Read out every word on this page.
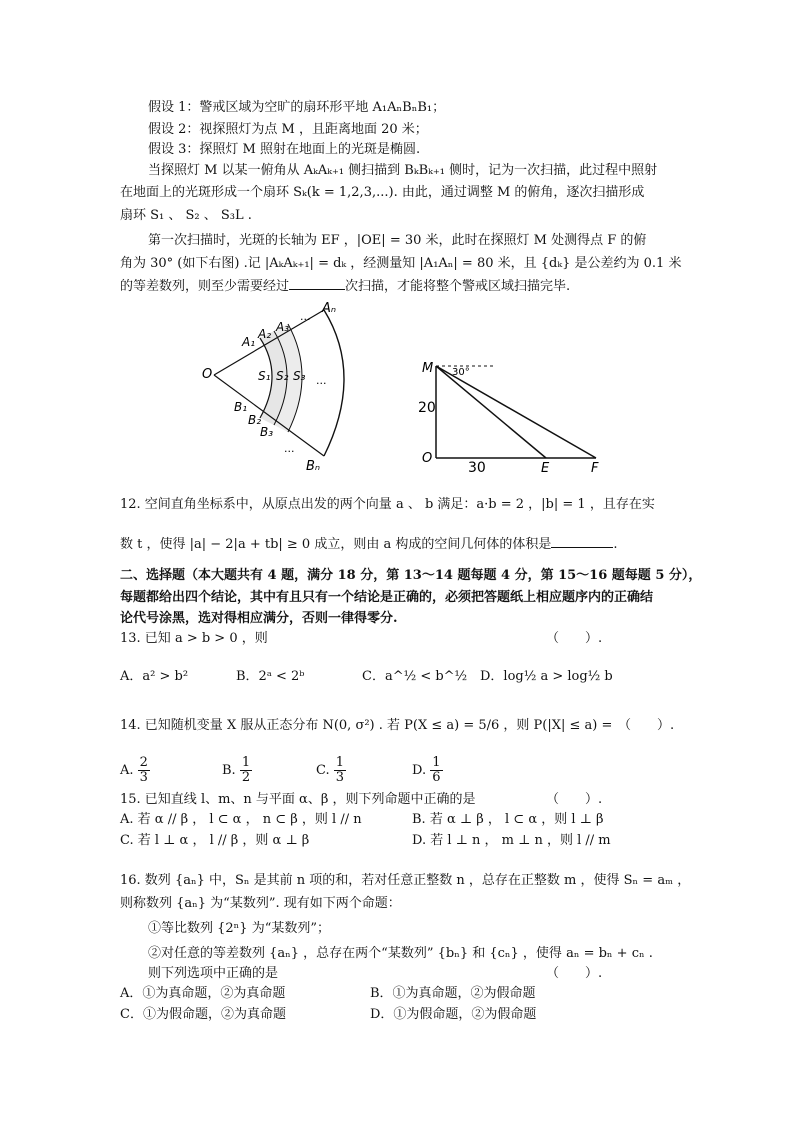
假设 1：警戒区域为空旷的扇环形平地 A₁AₙBₙB₁；
假设 2：视探照灯为点 M ，且距离地面 20 米；
假设 3：探照灯 M 照射在地面上的光斑是椭圆.
当探照灯 M 以某一俯角从 AₖAₖ₊₁ 侧扫描到 BₖBₖ₊₁ 侧时，记为一次扫描，此过程中照射
在地面上的光斑形成一个扇环 Sₖ(k = 1,2,3,...). 由此，通过调整 M 的俯角，逐次扫描形成
扇环 S₁ 、 S₂ 、 S₃L .
第一次扫描时，光斑的长轴为 EF ，|OE| = 30 米，此时在探照灯 M 处测得点 F 的俯
角为 30° (如下右图) .记 |AₖAₖ₊₁| = dₖ ，经测量知 |A₁Aₙ| = 80 米，且 {dₖ} 是公差约为 0.1 米
的等差数列，则至少需要经过	次扫描，才能将整个警戒区域扫描完毕.
O
A₁
A₂ A₃
...
Aₙ
S₁ S₂ S₃ ...
B₁
B₂
B₃
...
Bₙ
M 30°
20
O
30	E	F
12. 空间直角坐标系中，从原点出发的两个向量 a 、 b 满足：a·b = 2 ，|b| = 1 ，且存在实
数 t ，使得 |a| − 2|a + tb| ≥ 0 成立，则由 a 构成的空间几何体的体积是	.
二、选择题（本大题共有 4 题，满分 18 分，第 13～14 题每题 4 分，第 15～16 题每题 5 分），
每题都给出四个结论，其中有且只有一个结论是正确的，必须把答题纸上相应题序内的正确结
论代号涂黑，选对得相应满分，否则一律得零分.
13. 已知 a > b > 0 ，则	（　　）.
A．a² > b²	B．2ᵃ < 2ᵇ	C．a^½ < b^½ D．log½ a > log½ b
14. 已知随机变量 X 服从正态分布 N(0, σ²) . 若 P(X ≤ a) = 5/6 ，则 P(|X| ≤ a) = （　　）.
A. $\frac{2}{3}$	B. $\frac{1}{2}$	C. $\frac{1}{3}$	D. $\frac{1}{6}$
15. 已知直线 l、m、n 与平面 α、β ，则下列命题中正确的是	（　　）.
A. 若 α // β ， l ⊂ α ， n ⊂ β ，则 l // n	B. 若 α ⊥ β ， l ⊂ α ，则 l ⊥ β
C. 若 l ⊥ α ， l // β ，则 α ⊥ β	D. 若 l ⊥ n ， m ⊥ n ，则 l // m
16. 数列 {aₙ} 中，Sₙ 是其前 n 项的和，若对任意正整数 n ，总存在正整数 m ，使得 Sₙ = aₘ ，
则称数列 {aₙ} 为“某数列”. 现有如下两个命题：
①等比数列 {2ⁿ} 为“某数列”；
②对任意的等差数列 {aₙ} ，总存在两个“某数列” {bₙ} 和 {cₙ} ，使得 aₙ = bₙ + cₙ .
则下列选项中正确的是	（　　）.
A．①为真命题，②为真命题	B．①为真命题，②为假命题
C．①为假命题，②为真命题	D．①为假命题，②为假命题
